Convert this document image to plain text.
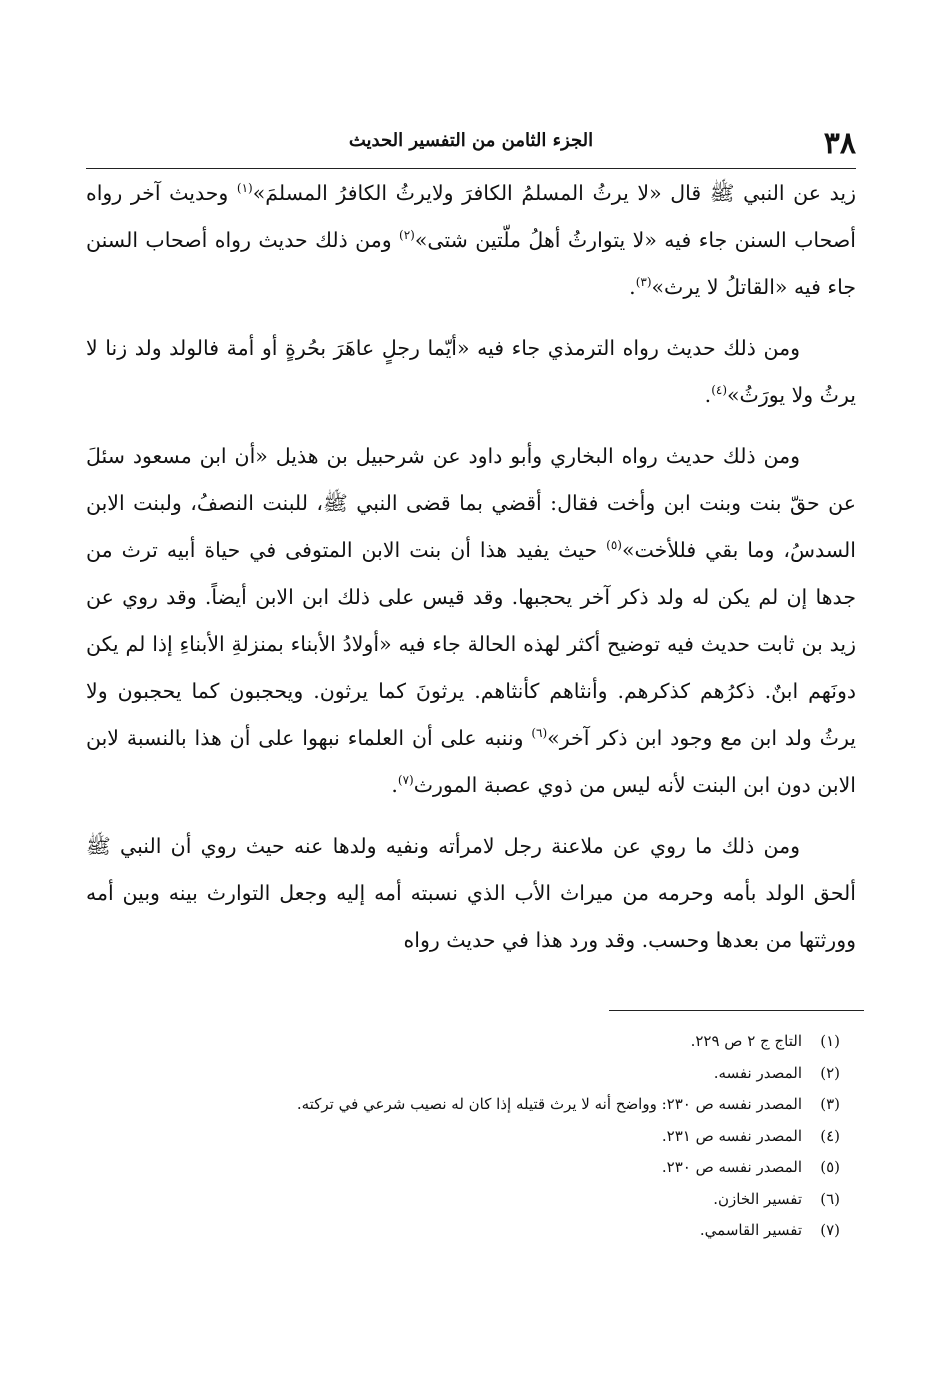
٣٨
الجزء الثامن من التفسير الحديث

زيد عن النبي ﷺ قال «لا يرثُ المسلمُ الكافرَ ولايرثُ الكافرُ المسلمَ»$^{(١)}$ وحديث آخر رواه أصحاب السنن جاء فيه «لا يتوارثُ أهلُ ملّتين شتى»$^{(٢)}$ ومن ذلك حديث رواه أصحاب السنن جاء فيه «القاتلُ لا يرث»$^{(٣)}$.

ومن ذلك حديث رواه الترمذي جاء فيه «أيّما رجلٍ عاهَرَ بحُرةٍ أو أمة فالولد ولد زنا لا يرثُ ولا يورَثُ»$^{(٤)}$.

ومن ذلك حديث رواه البخاري وأبو داود عن شرحبيل بن هذيل «أن ابن مسعود سئلَ عن حقّ بنت وبنت ابن وأخت فقال: أقضي بما قضى النبي ﷺ، للبنت النصفُ، ولبنت الابن السدسُ، وما بقي فللأخت»$^{(٥)}$ حيث يفيد هذا أن بنت الابن المتوفى في حياة أبيه ترث من جدها إن لم يكن له ولد ذكر آخر يحجبها. وقد قيس على ذلك ابن الابن أيضاً. وقد روي عن زيد بن ثابت حديث فيه توضيح أكثر لهذه الحالة جاء فيه «أولادُ الأبناء بمنزلةِ الأبناءِ إذا لم يكن دونَهم ابنٌ. ذكرُهم كذكرهم. وأنثاهم كأنثاهم. يرثونَ كما يرثون. ويحجبون كما يحجبون ولا يرثُ ولد ابن مع وجود ابن ذكر آخر»$^{(٦)}$ وننبه على أن العلماء نبهوا على أن هذا بالنسبة لابن الابن دون ابن البنت لأنه ليس من ذوي عصبة المورث$^{(٧)}$.

ومن ذلك ما روي عن ملاعنة رجل لامرأته ونفيه ولدها عنه حيث روي أن النبي ﷺ ألحق الولد بأمه وحرمه من ميراث الأب الذي نسبته أمه إليه وجعل التوارث بينه وبين أمه وورثتها من بعدها وحسب. وقد ورد هذا في حديث رواه

(١)
التاج ج ٢ ص ٢٢٩.
(٢)
المصدر نفسه.
(٣)
المصدر نفسه ص ٢٣٠: وواضح أنه لا يرث قتيله إذا كان له نصيب شرعي في تركته.
(٤)
المصدر نفسه ص ٢٣١.
(٥)
المصدر نفسه ص ٢٣٠.
(٦)
تفسير الخازن.
(٧)
تفسير القاسمي.
